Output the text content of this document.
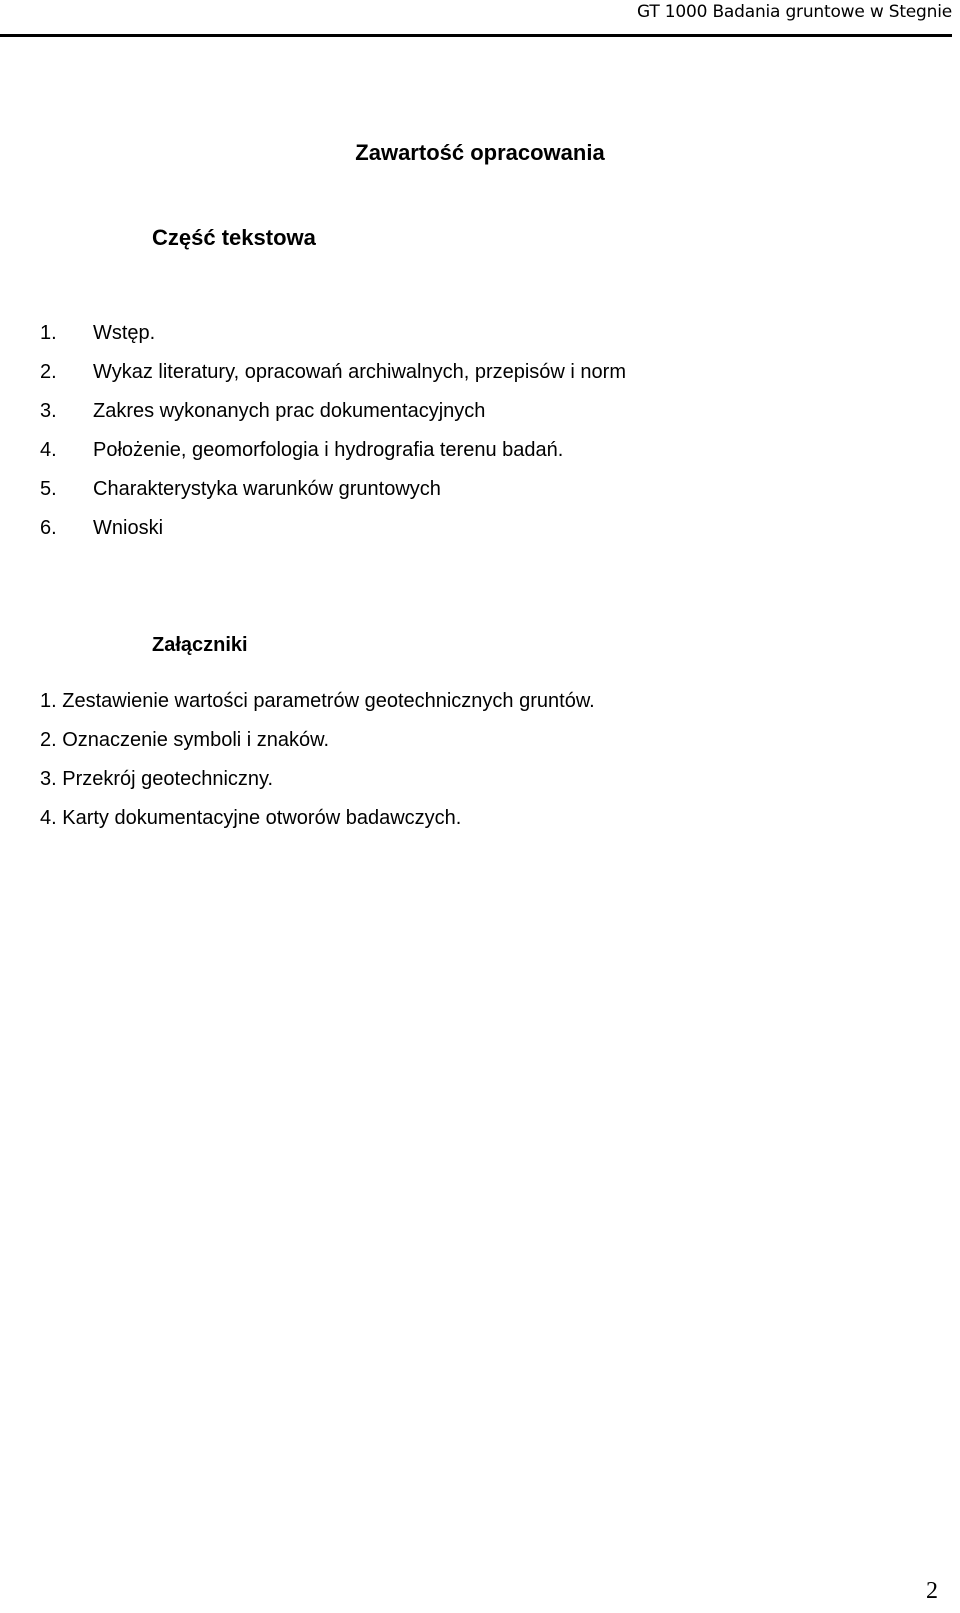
GT 1000 Badania gruntowe w Stegnie
Zawartość opracowania
Część tekstowa
1. Wstęp.
2. Wykaz literatury, opracowań archiwalnych, przepisów i norm
3. Zakres wykonanych prac dokumentacyjnych
4. Położenie, geomorfologia i hydrografia terenu badań.
5. Charakterystyka warunków gruntowych
6. Wnioski
Załączniki
1. Zestawienie wartości parametrów geotechnicznych gruntów.
2. Oznaczenie symboli i znaków.
3. Przekrój geotechniczny.
4. Karty dokumentacyjne otworów badawczych.
2
